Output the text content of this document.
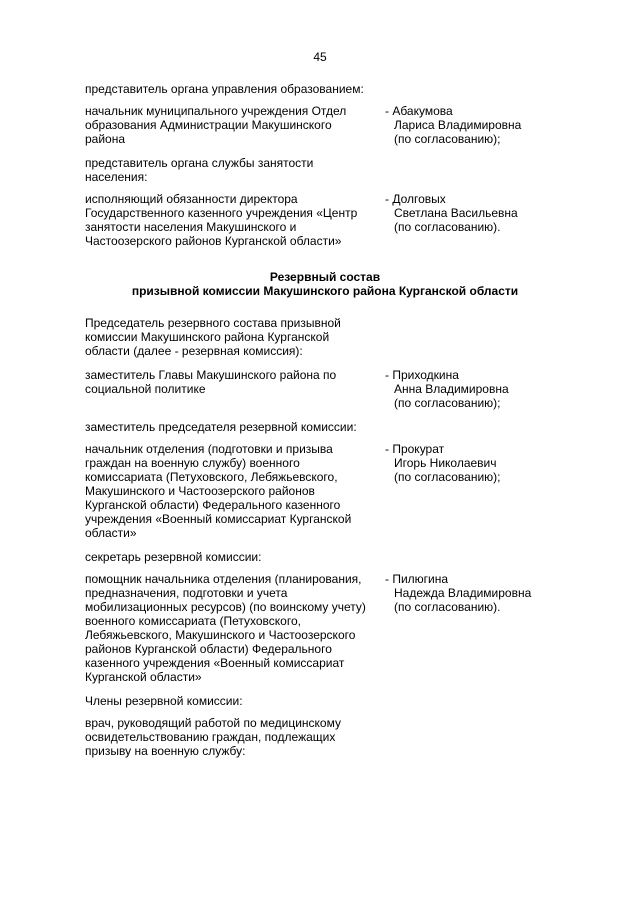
45
представитель органа управления образованием:
начальник муниципального учреждения Отдел
образования Администрации Макушинского
района
- Абакумова
Лариса Владимировна
(по согласованию);
представитель органа службы занятости населения:
исполняющий обязанности директора
Государственного казенного учреждения «Центр
занятости населения Макушинского и
Частоозерского районов Курганской области»
- Долговых
Светлана Васильевна
(по согласованию).
Резервный состав
призывной комиссии Макушинского района Курганской области
Председатель резервного состава призывной
комиссии Макушинского района Курганской
области (далее - резервная комиссия):
заместитель Главы Макушинского района по
социальной политике
- Приходкина
Анна Владимировна
(по согласованию);
заместитель председателя резервной комиссии:
начальник отделения (подготовки и призыва
граждан на военную службу) военного
комиссариата (Петуховского, Лебяжьевского,
Макушинского и Частоозерского районов
Курганской области) Федерального казенного
учреждения «Военный комиссариат Курганской
области»
- Прокурат
Игорь Николаевич
(по согласованию);
секретарь резервной комиссии:
помощник начальника отделения (планирования,
предназначения, подготовки и учета
мобилизационных ресурсов) (по воинскому учету)
военного комиссариата (Петуховского,
Лебяжьевского, Макушинского и Частоозерского
районов Курганской области) Федерального
казенного учреждения «Военный комиссариат
Курганской области»
- Пилюгина
Надежда Владимировна
(по согласованию).
Члены резервной комиссии:
врач, руководящий работой по медицинскому
освидетельствованию граждан, подлежащих
призыву на военную службу:
